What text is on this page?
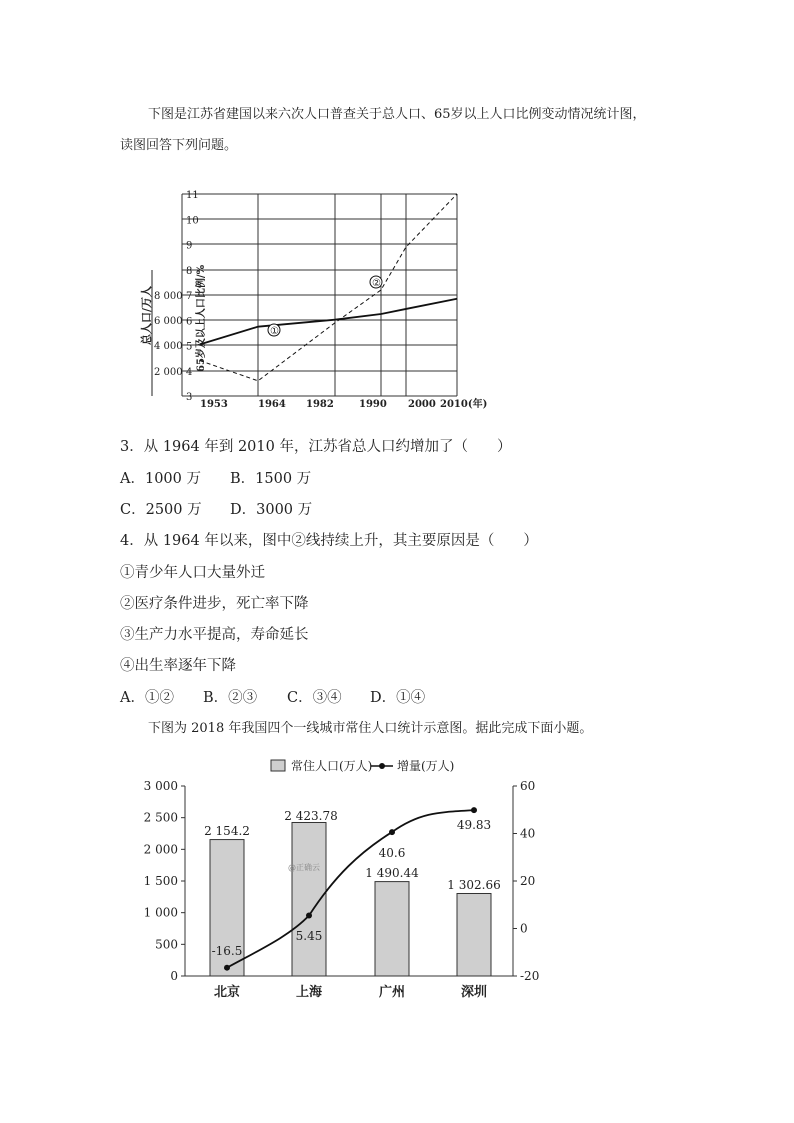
下图是江苏省建国以来六次人口普查关于总人口、65岁以上人口比例变动情况统计图，
读图回答下列问题。
2 000
4 000
6 000
8 000
总人口/万人
3
4
5
6
7
8
9
10
11
65岁及以上人口比例/%
1953	1964 1982	1990 2000 2010(年)
①
②
3．从 1964 年到 2010 年，江苏省总人口约增加了（　　）
A．1000 万 B．1500 万
C．2500 万 D．3000 万
4．从 1964 年以来，图中②线持续上升，其主要原因是（　　）
①青少年人口大量外迁
②医疗条件进步，死亡率下降
③生产力水平提高，寿命延长
④出生率逐年下降
A．①② B．②③ C．③④ D．①④
下图为 2018 年我国四个一线城市常住人口统计示意图。据此完成下面小题。
常住人口(万人) 增量(万人)
0
500
1 000
1 500
2 000
2 500
3 000
-20
0
20
40
60
北京	上海	广州	深圳
2 154.2
2 423.78
1 490.44
1 302.66
-16.5
5.45
40.6
49.83
@正确云
